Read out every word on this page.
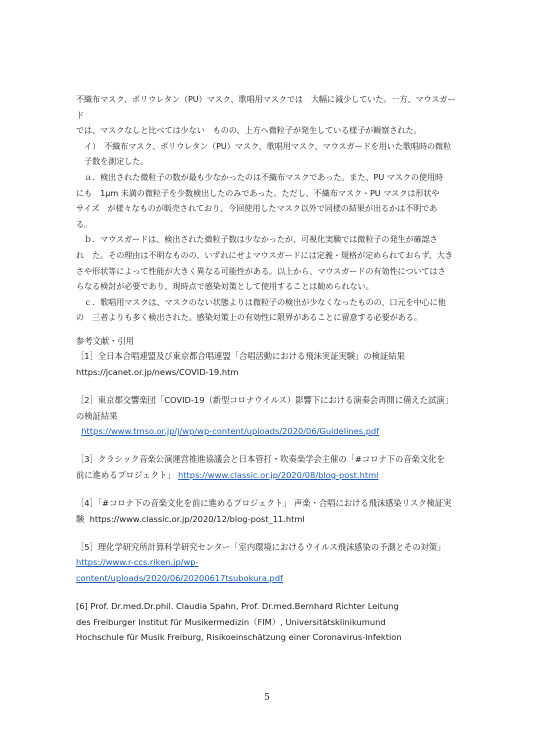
不織布マスク、ポリウレタン（PU）マスク、歌唱用マスクでは　大幅に減少していた。一方、マウスガード

では、マスクなしと比べては少ない　ものの、上方へ微粒子が発生している様子が観察された。

　イ）　不織布マスク、ポリウレタン（PU）マスク、歌唱用マスク、マウスガードを用いた歌唱時の微粒

　子数を測定した。

　ａ．検出された微粒子の数が最も少なかったのは不織布マスクであった。また、PU マスクの使用時

にも　1μm 未満の微粒子を少数検出したのみであった。ただし、不織布マスク・PU マスクは形状や

サイズ　が様々なものが販売されており、今回使用したマスク以外で同様の結果が出るかは不明であ

る。

　ｂ．マウスガードは、検出された微粒子数は少なかったが、可視化実験では微粒子の発生が確認さ

れ　た。その理由は不明なものの、いずれにせよマウスガードには定義・規格が定められておらず、大き

さや形状等によって性能が大きく異なる可能性がある。以上から、マウスガードの有効性についてはさ

らなる検討が必要であり、現時点で感染対策として使用することは勧められない。

　ｃ．歌唱用マスクは、マスクのない状態よりは微粒子の検出が少なくなったものの、口元を中心に他

の　三者よりも多く検出された。感染対策上の有効性に限界があることに留意する必要がある。

参考文献・引用

［1］全日本合唱連盟及び東京都合唱連盟「合唱活動における飛沫実証実験」の検証結果

https://jcanet.or.jp/news/COVID-19.htm

［2］東京都交響楽団「COVID-19（新型コロナウイルス）影響下における演奏会再開に備えた試演」

の検証結果

https://www.tmso.or.jp/j/wp/wp-content/uploads/2020/06/Guidelines.pdf

［3］クラシック音楽公演運営推進協議会と日本管打・吹奏楽学会主催の「#コロナ下の音楽文化を

前に進めるプロジェクト」 https://www.classic.or.jp/2020/08/blog-post.html

［4］「#コロナ下の音楽文化を前に進めるプロジェクト」 声楽・合唱における飛沫感染リスク検証実

験 https://www.classic.or.jp/2020/12/blog-post_11.html

［5］理化学研究所計算科学研究センター「室内環境におけるウイルス飛沫感染の予測とその対策」

https://www.r-ccs.riken.jp/wp-

content/uploads/2020/06/20200617tsubokura.pdf

[6] Prof. Dr.med.Dr.phil. Claudia Spahn, Prof. Dr.med.Bernhard Richter Leitung

des Freiburger Institut für Musikermedizin（FIM）, Universitätsklinikumund

Hochschule für Musik Freiburg, Risikoeinschätzung einer Coronavirus-Infektion

5
